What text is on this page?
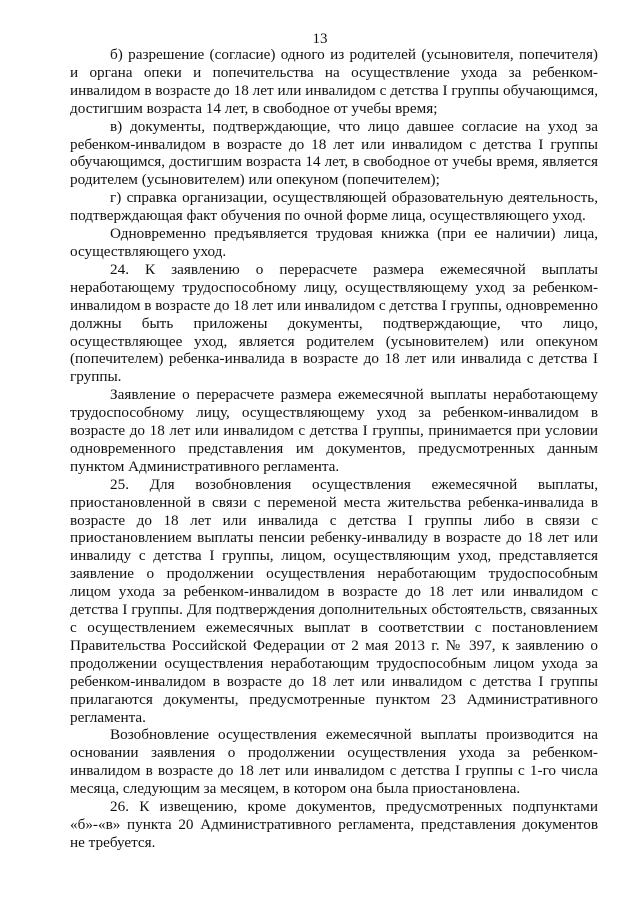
13

б) разрешение (согласие) одного из родителей (усыновителя, попечителя) и органа опеки и попечительства на осуществление ухода за ребенком-инвалидом в возрасте до 18 лет или инвалидом с детства I группы обучающимся, достигшим возраста 14 лет, в свободное от учебы время;

в) документы, подтверждающие, что лицо давшее согласие на уход за ребенком-инвалидом в возрасте до 18 лет или инвалидом с детства I группы обучающимся, достигшим возраста 14 лет, в свободное от учебы время, является родителем (усыновителем) или опекуном (попечителем);

г) справка организации, осуществляющей образовательную деятельность, подтверждающая факт обучения по очной форме лица, осуществляющего уход.

Одновременно предъявляется трудовая книжка (при ее наличии) лица, осуществляющего уход.

24. К заявлению о перерасчете размера ежемесячной выплаты неработающему трудоспособному лицу, осуществляющему уход за ребенком-инвалидом в возрасте до 18 лет или инвалидом с детства I группы, одновременно должны быть приложены документы, подтверждающие, что лицо, осуществляющее уход, является родителем (усыновителем) или опекуном (попечителем) ребенка-инвалида в возрасте до 18 лет или инвалида с детства I группы.

Заявление о перерасчете размера ежемесячной выплаты неработающему трудоспособному лицу, осуществляющему уход за ребенком-инвалидом в возрасте до 18 лет или инвалидом с детства I группы, принимается при условии одновременного представления им документов, предусмотренных данным пунктом Административного регламента.

25. Для возобновления осуществления ежемесячной выплаты, приостановленной в связи с переменой места жительства ребенка-инвалида в возрасте до 18 лет или инвалида с детства I группы либо в связи с приостановлением выплаты пенсии ребенку-инвалиду в возрасте до 18 лет или инвалиду с детства I группы, лицом, осуществляющим уход, представляется заявление о продолжении осуществления неработающим трудоспособным лицом ухода за ребенком-инвалидом в возрасте до 18 лет или инвалидом с детства I группы. Для подтверждения дополнительных обстоятельств, связанных с осуществлением ежемесячных выплат в соответствии с постановлением Правительства Российской Федерации от 2 мая 2013 г. № 397, к заявлению о продолжении осуществления неработающим трудоспособным лицом ухода за ребенком-инвалидом в возрасте до 18 лет или инвалидом с детства I группы прилагаются документы, предусмотренные пунктом 23 Административного регламента.

Возобновление осуществления ежемесячной выплаты производится на основании заявления о продолжении осуществления ухода за ребенком-инвалидом в возрасте до 18 лет или инвалидом с детства I группы с 1-го числа месяца, следующим за месяцем, в котором она была приостановлена.

26. К извещению, кроме документов, предусмотренных подпунктами «б»-«в» пункта 20 Административного регламента, представления документов не требуется.
